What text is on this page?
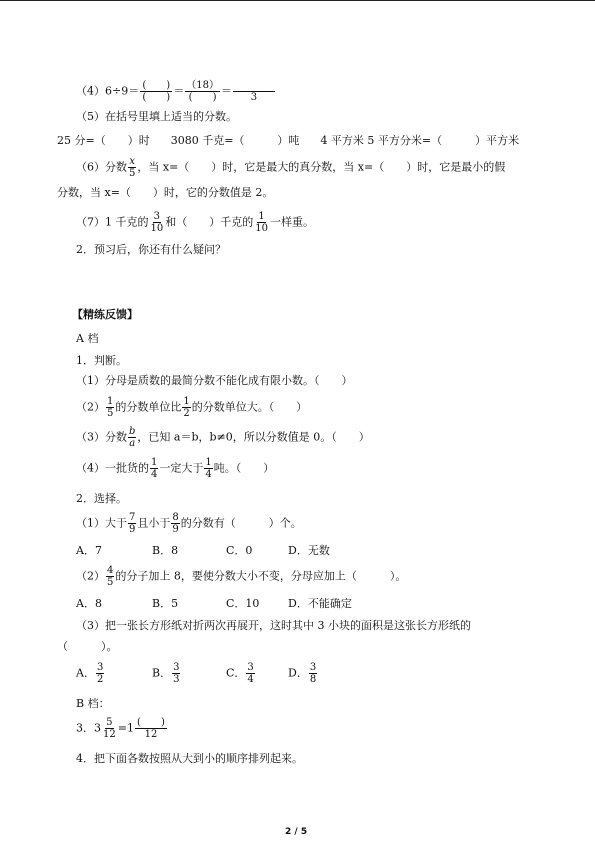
$(4)6\div 9= \frac{( )}{( )} = \frac{(18)}{( )}$ ＝
	3
（5）在括号里填上适当的分数。
25 分=（　　）时 3080 千克=（　　　）吨 4 平方米 5 平方分米=（　　　）平方米
（6）分数 $\frac{x}{5}$ ，当 x=（　　）时，它是最大的真分数，当 x=（　　）时，它是最小的假
分数，当 x=（　　）时，它的分数值是 2。
（7）1 千克的 $\frac{3}{10}$ 和（　　）千克的 $\frac{1}{10}$ 一样重。
2．预习后，你还有什么疑问？
【精练反馈】
A 档
1．判断。
（1）分母是质数的最简分数不能化成有限小数。（　　）
$(2) \frac{1}{5}$ 的分数单位比 $\frac{1}{2}$ 的分数单位大。（　　）
（3）分数 $\frac{b}{a}$ ，已知 a＝b，b≠0，所以分数值是 0。（　　）
（4）一批货的 $\frac{1}{4}$ 一定大于 $\frac{1}{4}$ 吨。（　　）
2．选择。
（1）大于 $\frac{7}{9}$ 且小于 $\frac{8}{9}$ 的分数有（　　　）个。
A．7	B．8	C．0	D．无数
$(2) \frac{4}{5}$ 的分子加上 8，要使分数大小不变，分母应加上（　　　）。
A．8	B．5	C．10	D．不能确定
（3）把一张长方形纸对折两次再展开，这时其中 3 小块的面积是这张长方形纸的
（　　　）。
A． $\frac{3}{2}$	B． $\frac{3}{3}$	C． $\frac{3}{4}$	D． $\frac{3}{8}$
B 档：
3．$3 \frac{5}{12} =1 \frac{( )}{12}$
4．把下面各数按照从大到小的顺序排列起来。
2 / 5
